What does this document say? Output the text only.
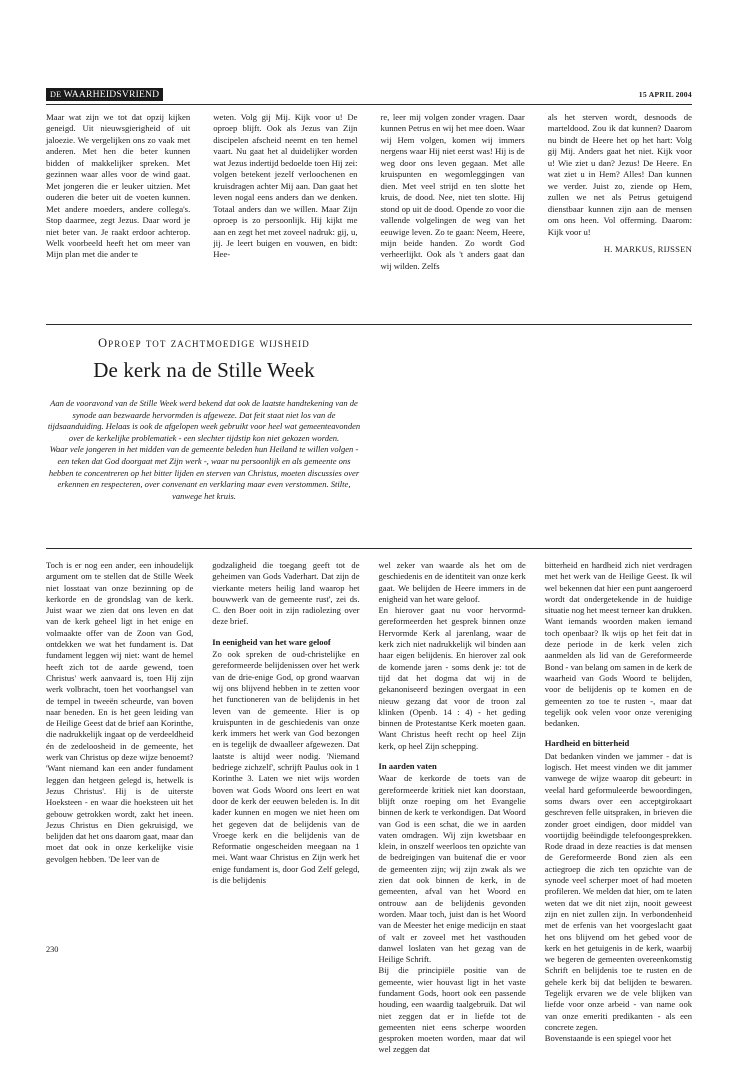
DE WAARHEIDSVRIEND	15 APRIL 2004

Maar wat zijn we tot dat opzij kijken geneigd. Uit nieuwsgierigheid of uit jaloezie. We vergelijken ons zo vaak met anderen. Met hen die beter kunnen bidden of makkelijker spreken. Met gezinnen waar alles voor de wind gaat. Met jongeren die er leuker uitzien. Met ouderen die beter uit de voeten kunnen. Met andere moeders, andere collega's. Stop daarmee, zegt Jezus. Daar word je niet beter van. Je raakt erdoor achterop. Welk voorbeeld heeft het om meer van Mijn plan met die ander te

weten. Volg gij Mij. Kijk voor u! De oproep blijft. Ook als Jezus van Zijn discipelen afscheid neemt en ten hemel vaart. Nu gaat het al duidelijker worden wat Jezus indertijd bedoelde toen Hij zei: volgen betekent jezelf verloochenen en kruisdragen achter Mij aan. Dan gaat het leven nogal eens anders dan we denken. Totaal anders dan we willen. Maar Zijn oproep is zo persoonlijk. Hij kijkt me aan en zegt het met zoveel nadruk: gij, u, jij. Je leert buigen en vouwen, en bidt: Hee-

re, leer mij volgen zonder vragen. Daar kunnen Petrus en wij het mee doen. Waar wij Hem volgen, komen wij immers nergens waar Hij niet eerst was! Hij is de weg door ons leven gegaan. Met alle kruispunten en wegomleggingen van dien. Met veel strijd en ten slotte het kruis, de dood. Nee, niet ten slotte. Hij stond op uit de dood. Opende zo voor die vallende volgelingen de weg van het eeuwige leven. Zo te gaan: Neem, Heere, mijn beide handen. Zo wordt God verheerlijkt. Ook als 't anders gaat dan wij wilden. Zelfs

als het sterven wordt, desnoods de marteldood. Zou ik dat kunnen? Daarom nu bindt de Heere het op het hart: Volg gij Mij. Anders gaat het niet. Kijk voor u! Wie ziet u dan? Jezus! De Heere. En wat ziet u in Hem? Alles! Dan kunnen we verder. Juist zo, ziende op Hem, zullen we net als Petrus getuigend dienstbaar kunnen zijn aan de mensen om ons heen. Vol offerming. Daarom: Kijk voor u!

H. MARKUS, RIJSSEN

Oproep tot zachtmoedige wijsheid
De kerk na de Stille Week

Aan de vooravond van de Stille Week werd bekend dat ook de laatste handtekening van de synode aan bezwaarde hervormden is afgeweze. Dat feit staat niet los van de tijdsaanduiding. Helaas is ook de afgelopen week gebruikt voor heel wat gemeenteavonden over de kerkelijke problematiek - een slechter tijdstip kon niet gekozen worden.

Waar vele jongeren in het midden van de gemeente beleden hun Heiland te willen volgen - een teken dat God doorgaat met Zijn werk -, waar nu persoonlijk en als gemeente ons hebben te concentreren op het bitter lijden en sterven van Christus, moeten discussies over erkennen en respecteren, over convenant en verklaring maar even verstommen. Stilte, vanwege het kruis.

Toch is er nog een ander, een inhoudelijk argument om te stellen dat de Stille Week niet losstaat van onze bezinning op de kerkorde en de grondslag van de kerk. Juist waar we zien dat ons leven en dat van de kerk geheel ligt in het enige en volmaakte offer van de Zoon van God, ontdekken we wat het fundament is. Dat fundament leggen wij niet: want de hemel heeft zich tot de aarde gewend, toen Christus' werk aanvaard is, toen Hij zijn werk volbracht, toen het voorhangsel van de tempel in tweeën scheurde, van boven naar beneden. En is het geen leiding van de Heilige Geest dat de brief aan Korinthe, die nadrukkelijk ingaat op de verdeeldheid én de zedeloosheid in de gemeente, het werk van Christus op deze wijze benoemt? 'Want niemand kan een ander fundament leggen dan hetgeen gelegd is, hetwelk is Jezus Christus'. Hij is de uiterste Hoeksteen - en waar die hoeksteen uit het gebouw getrokken wordt, zakt het ineen. Jezus Christus en Dien gekruisigd, we belijden dat het ons daarom gaat, maar dan moet dat ook in onze kerkelijke visie gevolgen hebben. 'De leer van de

godzaligheid die toegang geeft tot de geheimen van Gods Vaderhart. Dat zijn de vierkante meters heilig land waarop het bouwwerk van de gemeente rust', zei ds. C. den Boer ooit in zijn radiolezing over deze brief.

In eenigheid van het ware geloof

Zo ook spreken de oud-christelijke en gereformeerde belijdenissen over het werk van de drie-enige God, op grond waarvan wij ons blijvend hebben in te zetten voor het functioneren van de belijdenis in het leven van de gemeente. Hier is op kruispunten in de geschiedenis van onze kerk immers het werk van God bezongen en is tegelijk de dwaalleer afgewezen. Dat laatste is altijd weer nodig. 'Niemand bedriege zichzelf', schrijft Paulus ook in 1 Korinthe 3. Laten we niet wijs worden boven wat Gods Woord ons leert en wat door de kerk der eeuwen beleden is. In dit kader kunnen en mogen we niet heen om het gegeven dat de belijdenis van de Vroege kerk en die belijdenis van de Reformatie ongescheiden meegaan na 1 mei. Want waar Christus en Zijn werk het enige fundament is, door God Zelf gelegd, is die belijdenis

wel zeker van waarde als het om de geschiedenis en de identiteit van onze kerk gaat. We belijden de Heere immers in de enigheid van het ware geloof.

En hierover gaat nu voor hervormd-gereformeerden het gesprek binnen onze Hervormde Kerk al jarenlang, waar de kerk zich niet nadrukkelijk wil binden aan haar eigen belijdenis. En hierover zal ook de komende jaren - soms denk je: tot de tijd dat het dogma dat wij in de gekanoniseerd bezingen overgaat in een nieuw gezang dat voor de troon zal klinken (Openb. 14 : 4) - het geding binnen de Protestantse Kerk moeten gaan. Want Christus heeft recht op heel Zijn kerk, op heel Zijn schepping.

In aarden vaten

Waar de kerkorde de toets van de gereformeerde kritiek niet kan doorstaan, blijft onze roeping om het Evangelie binnen de kerk te verkondigen. Dat Woord van God is een schat, die we in aarden vaten omdragen. Wij zijn kwetsbaar en klein, in onszelf weerloos ten opzichte van de bedreigingen van buitenaf die er voor de gemeenten zijn; wij zijn zwak als we zien dat ook binnen de kerk, in de gemeenten, afval van het Woord en ontrouw aan de belijdenis gevonden worden. Maar toch, juist dan is het Woord van de Meester het enige medicijn en staat of valt er zoveel met het vasthouden danwel loslaten van het gezag van de Heilige Schrift.

Bij die principiële positie van de gemeente, wier houvast ligt in het vaste fundament Gods, hoort ook een passende houding, een waardig taalgebruik. Dat wil niet zeggen dat er in liefde tot de gemeenten niet eens scherpe woorden gesproken moeten worden, maar dat wil wel zeggen dat

bitterheid en hardheid zich niet verdragen met het werk van de Heilige Geest. Ik wil wel bekennen dat hier een punt aangeroerd wordt dat ondergetekende in de huidige situatie nog het meest terneer kan drukken. Want iemands woorden maken iemand toch openbaar? Ik wijs op het feit dat in deze periode in de kerk velen zich aanmelden als lid van de Gereformeerde Bond - van belang om samen in de kerk de waarheid van Gods Woord te belijden, voor de belijdenis op te komen en de gemeenten zo toe te rusten -, maar dat tegelijk ook velen voor onze vereniging bedanken.

Hardheid en bitterheid

Dat bedanken vinden we jammer - dat is logisch. Het meest vinden we dit jammer vanwege de wijze waarop dit gebeurt: in veelal hard geformuleerde bewoordingen, soms dwars over een acceptgirokaart geschreven felle uitspraken, in brieven die zonder groet eindigen, door middel van voortijdig beëindigde telefoongesprekken. Rode draad in deze reacties is dat mensen de Gereformeerde Bond zien als een actiegroep die zich ten opzichte van de synode veel scherper moet of had moeten profileren. We melden dat hier, om te laten weten dat we dit niet zijn, nooit geweest zijn en niet zullen zijn. In verbondenheid met de erfenis van het voorgeslacht gaat het ons blijvend om het gebed voor de kerk en het getuigenis in de kerk, waarbij we begeren de gemeenten overeenkomstig Schrift en belijdenis toe te rusten en de gehele kerk bij dat belijden te bewaren. Tegelijk ervaren we de vele blijken van liefde voor onze arbeid - van name ook van onze emeriti predikanten - als een concrete zegen.

Bovenstaande is een spiegel voor het

230
